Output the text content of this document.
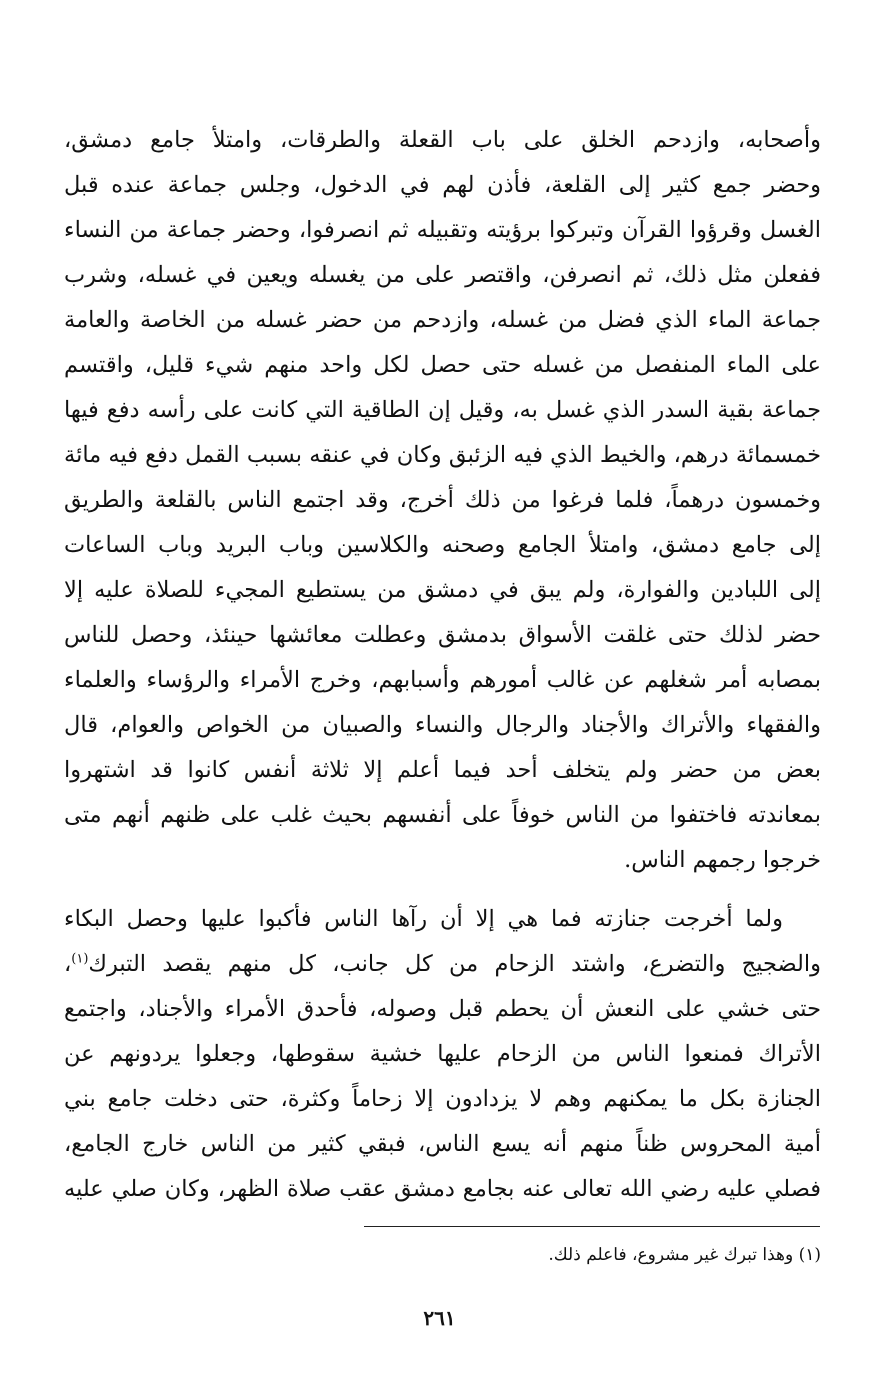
وأصحابه، وازدحم الخلق على باب القعلة والطرقات، وامتلأ جامع دمشق،
وحضر جمع كثير إلى القلعة، فأذن لهم في الدخول، وجلس جماعة عنده قبل
الغسل وقرؤوا القرآن وتبركوا برؤيته وتقبيله ثم انصرفوا، وحضر جماعة من النساء
ففعلن مثل ذلك، ثم انصرفن، واقتصر على من يغسله ويعين في غسله، وشرب
جماعة الماء الذي فضل من غسله، وازدحم من حضر غسله من الخاصة والعامة
على الماء المنفصل من غسله حتى حصل لكل واحد منهم شيء قليل، واقتسم
جماعة بقية السدر الذي غسل به، وقيل إن الطاقية التي كانت على رأسه دفع فيها
خمسمائة درهم، والخيط الذي فيه الزئبق وكان في عنقه بسبب القمل دفع فيه مائة
وخمسون درهماً، فلما فرغوا من ذلك أخرج، وقد اجتمع الناس بالقلعة والطريق
إلى جامع دمشق، وامتلأ الجامع وصحنه والكلاسين وباب البريد وباب الساعات
إلى اللبادين والفوارة، ولم يبق في دمشق من يستطيع المجيء للصلاة عليه إلا
حضر لذلك حتى غلقت الأسواق بدمشق وعطلت معائشها حينئذ، وحصل للناس
بمصابه أمر شغلهم عن غالب أمورهم وأسبابهم، وخرج الأمراء والرؤساء والعلماء
والفقهاء والأتراك والأجناد والرجال والنساء والصبيان من الخواص والعوام، قال
بعض من حضر ولم يتخلف أحد فيما أعلم إلا ثلاثة أنفس كانوا قد اشتهروا
بمعاندته فاختفوا من الناس خوفاً على أنفسهم بحيث غلب على ظنهم أنهم متى
خرجوا رجمهم الناس.
ولما أخرجت جنازته فما هي إلا أن رآها الناس فأكبوا عليها وحصل البكاء
والضجيج والتضرع، واشتد الزحام من كل جانب، كل منهم يقصد التبرك$^{(١)}$،
حتى خشي على النعش أن يحطم قبل وصوله، فأحدق الأمراء والأجناد، واجتمع
الأتراك فمنعوا الناس من الزحام عليها خشية سقوطها، وجعلوا يردونهم عن
الجنازة بكل ما يمكنهم وهم لا يزدادون إلا زحاماً وكثرة، حتى دخلت جامع بني
أمية المحروس ظناً منهم أنه يسع الناس، فبقي كثير من الناس خارج الجامع،
فصلي عليه رضي الله تعالى عنه بجامع دمشق عقب صلاة الظهر، وكان صلي عليه
(١) وهذا تبرك غير مشروع، فاعلم ذلك.
٢٦١
